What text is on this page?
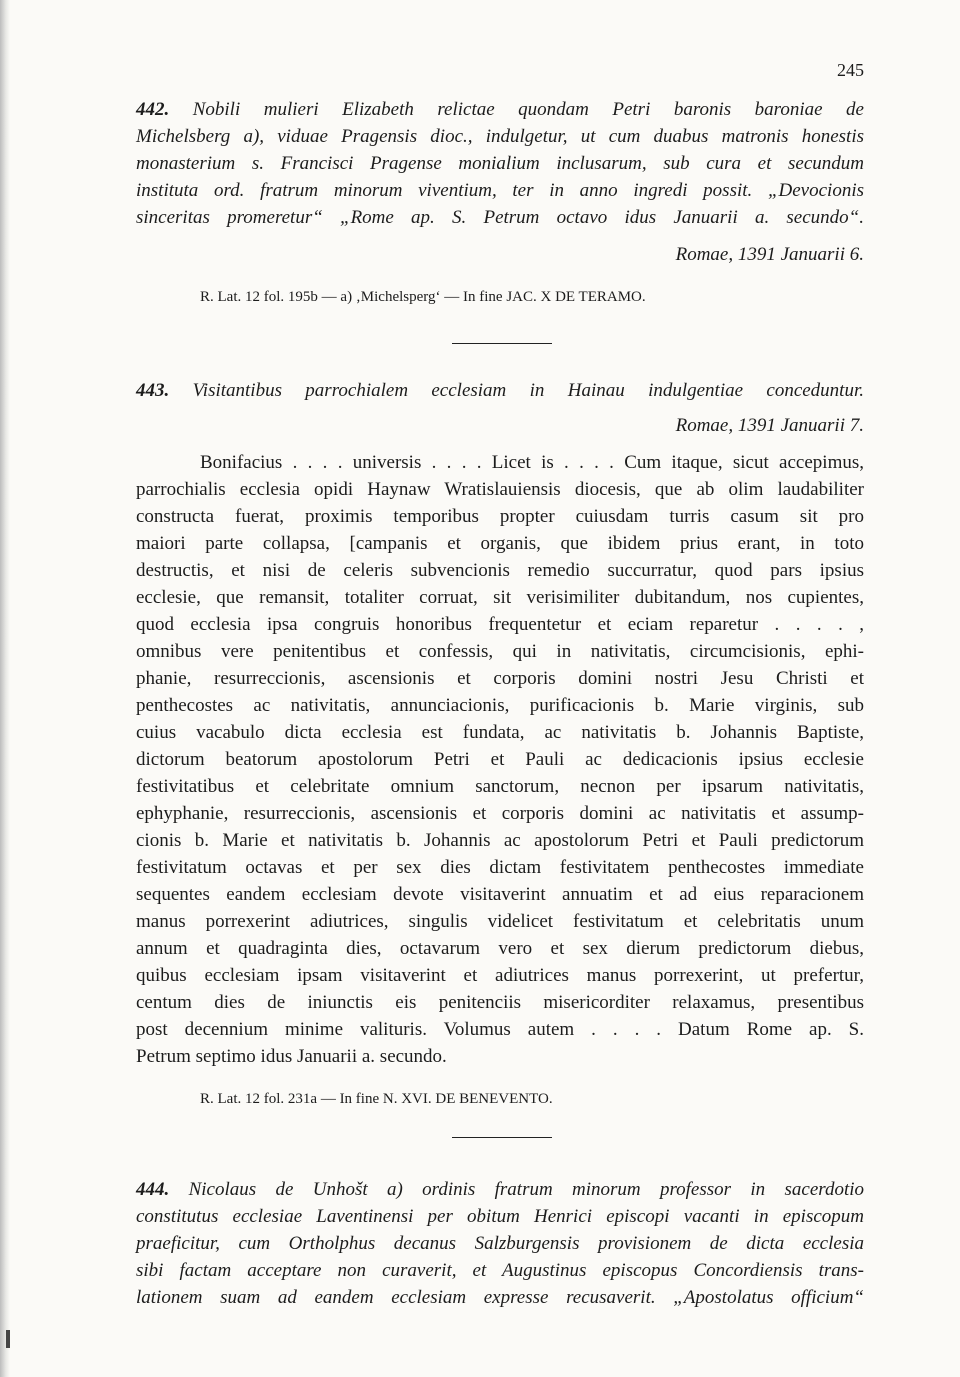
245
442. Nobili mulieri Elizabeth relictae quondam Petri baronis baroniae de
Michelsberg a), viduae Pragensis dioc., indulgetur, ut cum duabus matronis honestis
monasterium s. Francisci Pragense monialium inclusarum, sub cura et secundum
instituta ord. fratrum minorum viventium, ter in anno ingredi possit. „Devocionis
sinceritas promeretur“ „Rome ap. S. Petrum octavo idus Januarii a. secundo“.
Romae, 1391 Januarii 6.
R. Lat. 12 fol. 195b — a) ‚Michelsperg‘ — In fine JAC. X DE TERAMO.
443. Visitantibus parrochialem ecclesiam in Hainau indulgentiae conceduntur.
Romae, 1391 Januarii 7.
Bonifacius . . . . universis . . . . Licet is . . . . Cum itaque, sicut accepimus,
parrochialis ecclesia opidi Haynaw Wratislauiensis diocesis, que ab olim laudabiliter
constructa fuerat, proximis temporibus propter cuiusdam turris casum sit pro
maiori parte collapsa, [campanis et organis, que ibidem prius erant, in toto
destructis, et nisi de celeris subvencionis remedio succurratur, quod pars ipsius
ecclesie, que remansit, totaliter corruat, sit verisimiliter dubitandum, nos cupientes,
quod ecclesia ipsa congruis honoribus frequentetur et eciam reparetur . . . . ,
omnibus vere penitentibus et confessis, qui in nativitatis, circumcisionis, ephi-
phanie, resurreccionis, ascensionis et corporis domini nostri Jesu Christi et
penthecostes ac nativitatis, annunciacionis, purificacionis b. Marie virginis, sub
cuius vacabulo dicta ecclesia est fundata, ac nativitatis b. Johannis Baptiste,
dictorum beatorum apostolorum Petri et Pauli ac dedicacionis ipsius ecclesie
festivitatibus et celebritate omnium sanctorum, necnon per ipsarum nativitatis,
ephyphanie, resurreccionis, ascensionis et corporis domini ac nativitatis et assump-
cionis b. Marie et nativitatis b. Johannis ac apostolorum Petri et Pauli predictorum
festivitatum octavas et per sex dies dictam festivitatem penthecostes immediate
sequentes eandem ecclesiam devote visitaverint annuatim et ad eius reparacionem
manus porrexerint adiutrices, singulis videlicet festivitatum et celebritatis unum
annum et quadraginta dies, octavarum vero et sex dierum predictorum diebus,
quibus ecclesiam ipsam visitaverint et adiutrices manus porrexerint, ut prefertur,
centum dies de iniunctis eis penitenciis misericorditer relaxamus, presentibus
post decennium minime valituris. Volumus autem . . . . Datum Rome ap. S.
Petrum septimo idus Januarii a. secundo.
R. Lat. 12 fol. 231a — In fine N. XVI. DE BENEVENTO.
444. Nicolaus de Unhošt a) ordinis fratrum minorum professor in sacerdotio
constitutus ecclesiae Laventinensi per obitum Henrici episcopi vacanti in episcopum
praeficitur, cum Ortholphus decanus Salzburgensis provisionem de dicta ecclesia
sibi factam acceptare non curaverit, et Augustinus episcopus Concordiensis trans-
lationem suam ad eandem ecclesiam expresse recusaverit. „Apostolatus officium“
